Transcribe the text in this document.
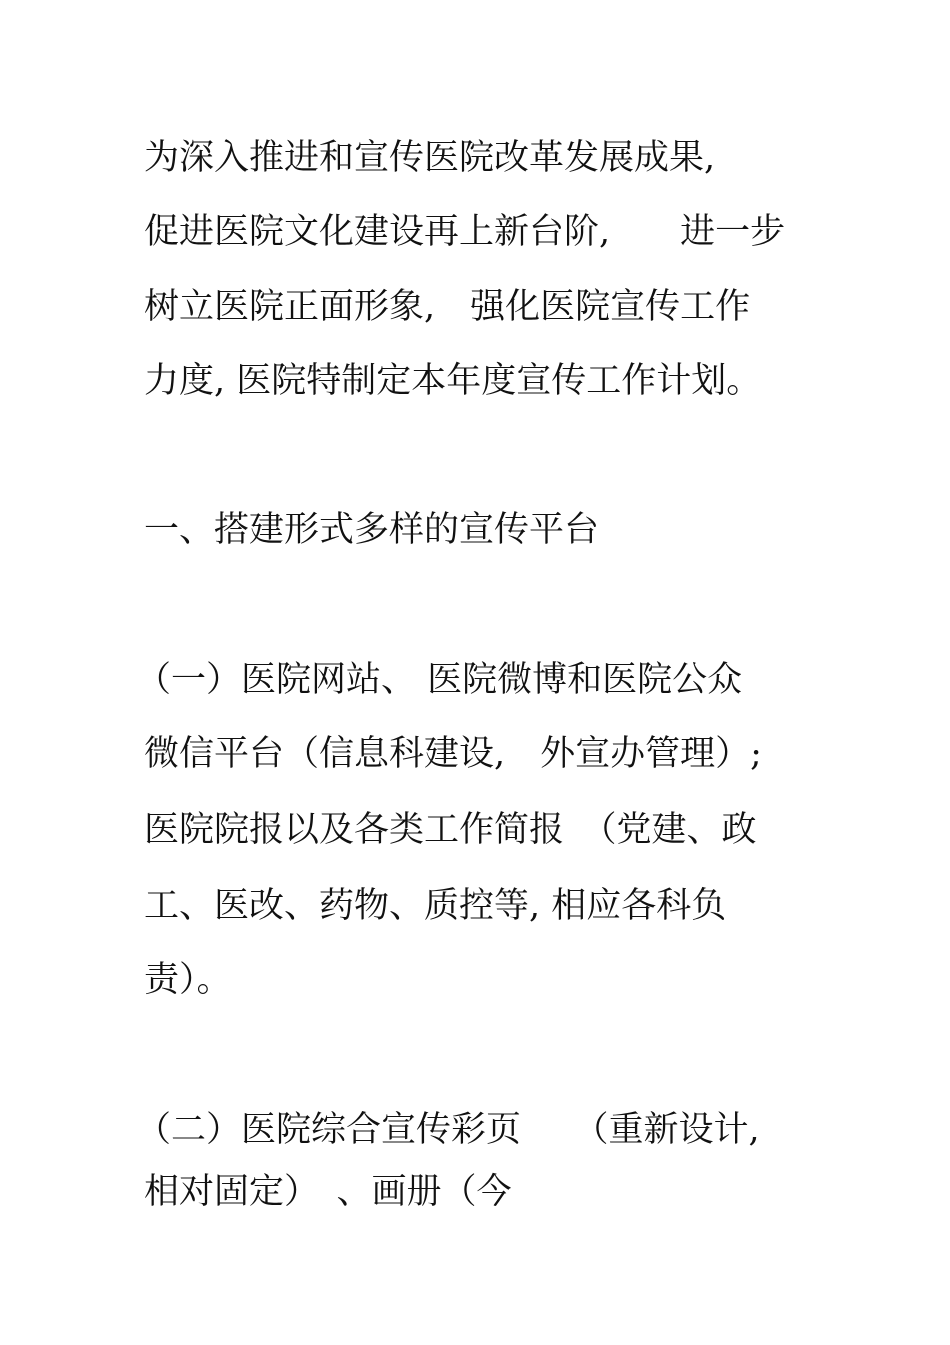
为深入推进和宣传医院改革发展成果,
促进医院文化建设再上新台阶,　　进一步
树立医院正面形象,　强化医院宣传工作
力度, 医院特制定本年度宣传工作计划。
一、搭建形式多样的宣传平台
（一）医院网站、 医院微博和医院公众
微信平台（信息科建设,　外宣办管理）;
医院院报以及各类工作简报　（党建、政
工、医改、药物、质控等, 相应各科负
责）。
（二）医院综合宣传彩页　　（重新设计,
相对固定）　、画册（今
